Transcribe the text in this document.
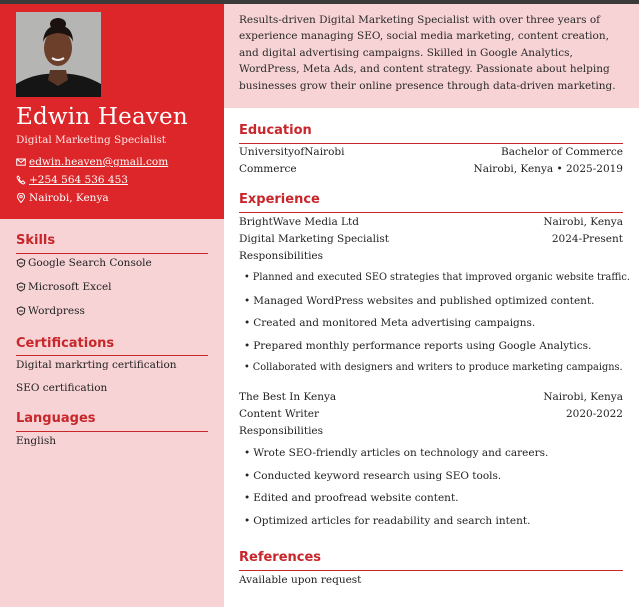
Edwin Heaven
Digital Marketing Specialist
edwin.heaven@gmail.com
+254 564 536 453
Nairobi, Kenya
Skills
Google Search Console
Microsoft Excel
Wordpress
Certifications
Digital markrting certification
SEO certification
Languages
English
Results-driven Digital Marketing Specialist with over three years of experience managing SEO, social media marketing, content creation, and digital advertising campaigns. Skilled in Google Analytics, WordPress, Meta Ads, and content strategy. Passionate about helping businesses grow their online presence through data-driven marketing.
Education
UniversityofNairobi	Bachelor of Commerce
Commerce	Nairobi, Kenya • 2025-2019
Experience
BrightWave Media Ltd	Nairobi, Kenya
Digital Marketing Specialist	2024-Present
Responsibilities
• Planned and executed SEO strategies that improved organic website traffic.
• Managed WordPress websites and published optimized content.
• Created and monitored Meta advertising campaigns.
• Prepared monthly performance reports using Google Analytics.
• Collaborated with designers and writers to produce marketing campaigns.
The Best In Kenya	Nairobi, Kenya
Content Writer	2020-2022
Responsibilities
• Wrote SEO-friendly articles on technology and careers.
• Conducted keyword research using SEO tools.
• Edited and proofread website content.
• Optimized articles for readability and search intent.
References
Available upon request
